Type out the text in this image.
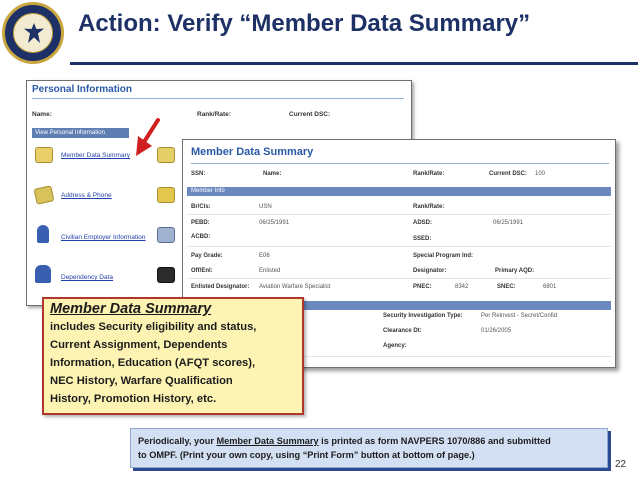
Action: Verify “Member Data Summary”
Personal Information
Name:	Rank/Rate:	Current DSC:
View Personal Information
Member Data Summary
Address & Phone
Civilian Employer Information
Dependency Data
Member Data Summary
SSN:	Name:	Rank/Rate:	Current DSC: 100
Member Info
Br/Cls:	USN	Rank/Rate:
PEBD:	06/25/1991	ADSD:	06/25/1991
ACBD:	SSED:
Pay Grade:	E06	Special Program Ind:
Off/Enl:	Enlisted	Designator:	Primary AQD:
Enlisted Designator: Aviation Warfare Specialist	PNEC:	8342	SNEC:	6801
Security Investigation Type:	Per Reinvest - Secret/Confid
Clearance Dt:	01/26/2005
Agency:
Member Data Summary
includes Security eligibility and status,
Current Assignment, Dependents
Information, Education (AFQT scores),
NEC History, Warfare Qualification
History, Promotion History, etc.
Periodically, your Member Data Summary is printed as form NAVPERS 1070/886 and submitted
to OMPF. (Print your own copy, using “Print Form” button at bottom of page.)
22
